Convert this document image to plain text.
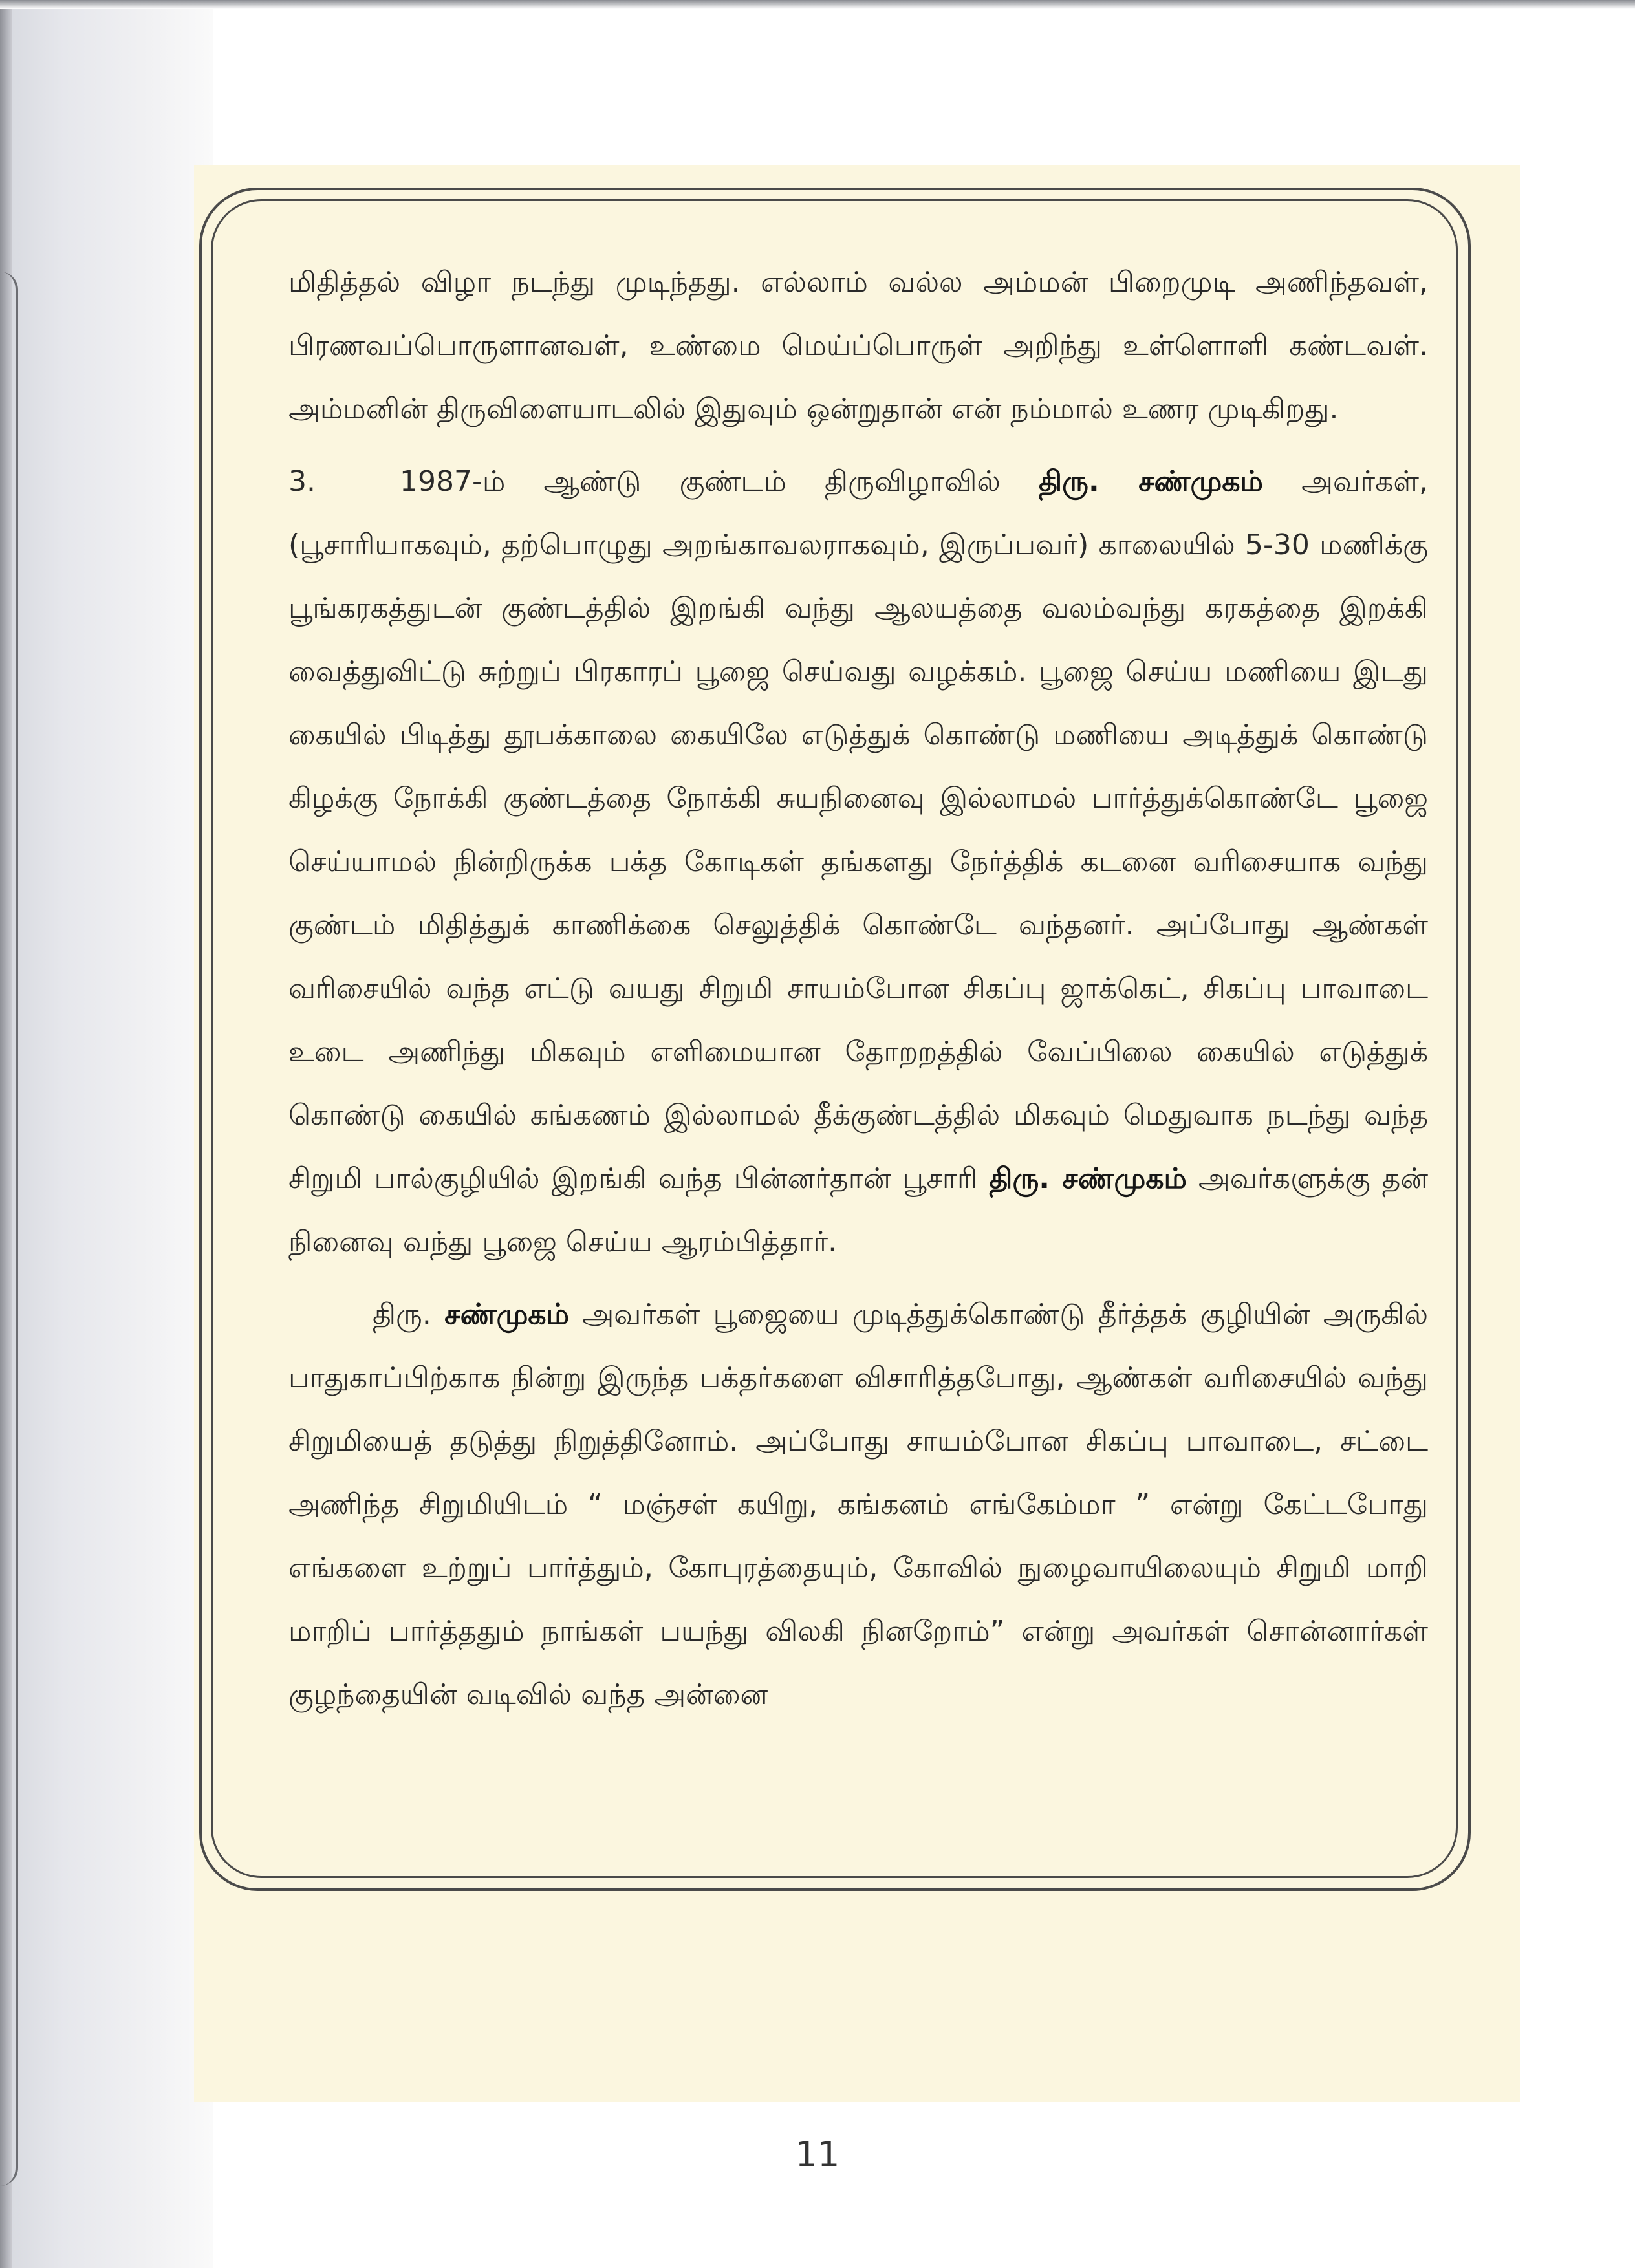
மிதித்தல் விழா நடந்து முடிந்தது. எல்லாம் வல்ல அம்மன் பிறைமுடி அணிந்தவள், பிரணவப்பொருளானவள், உண்மை மெய்ப்பொருள் அறிந்து உள்ளொளி கண்டவள். அம்மனின் திருவிளையாடலில் இதுவும் ஒன்றுதான் என் நம்மால் உணர முடிகிறது.

3.	1987-ம் ஆண்டு குண்டம் திருவிழாவில் திரு. சண்முகம் அவர்கள், (பூசாரியாகவும், தற்பொழுது அறங்காவலராகவும், இருப்பவர்) காலையில் 5-30 மணிக்கு பூங்கரகத்துடன் குண்டத்தில் இறங்கி வந்து ஆலயத்தை வலம்வந்து கரகத்தை இறக்கி வைத்துவிட்டு சுற்றுப் பிரகாரப் பூஜை செய்வது வழக்கம். பூஜை செய்ய மணியை இடது கையில் பிடித்து தூபக்காலை கையிலே எடுத்துக் கொண்டு மணியை அடித்துக் கொண்டு கிழக்கு நோக்கி குண்டத்தை நோக்கி சுயநினைவு இல்லாமல் பார்த்துக்கொண்டே பூஜை செய்யாமல் நின்றிருக்க பக்த கோடிகள் தங்களது நேர்த்திக் கடனை வரிசையாக வந்து குண்டம் மிதித்துக் காணிக்கை செலுத்திக் கொண்டே வந்தனர். அப்போது ஆண்கள் வரிசையில் வந்த எட்டு வயது சிறுமி சாயம்போன சிகப்பு ஜாக்கெட், சிகப்பு பாவாடை உடை அணிந்து மிகவும் எளிமையான தோறறத்தில் வேப்பிலை கையில் எடுத்துக் கொண்டு கையில் கங்கணம் இல்லாமல் தீக்குண்டத்தில் மிகவும் மெதுவாக நடந்து வந்த சிறுமி பால்குழியில் இறங்கி வந்த பின்னர்தான் பூசாரி திரு. சண்முகம் அவர்களுக்கு தன் நினைவு வந்து பூஜை செய்ய ஆரம்பித்தார்.

திரு. சண்முகம் அவர்கள் பூஜையை முடித்துக்கொண்டு தீர்த்தக் குழியின் அருகில் பாதுகாப்பிற்காக நின்று இருந்த பக்தர்களை விசாரித்தபோது, ஆண்கள் வரிசையில் வந்து சிறுமியைத் தடுத்து நிறுத்தினோம். அப்போது சாயம்போன சிகப்பு பாவாடை, சட்டை அணிந்த சிறுமியிடம் “ மஞ்சள் கயிறு, கங்கனம் எங்கேம்மா ” என்று கேட்டபோது எங்களை உற்றுப் பார்த்தும், கோபுரத்தையும், கோவில் நுழைவாயிலையும் சிறுமி மாறி மாறிப் பார்த்ததும் நாங்கள் பயந்து விலகி நினறோம்” என்று அவர்கள் சொன்னார்கள் குழந்தையின் வடிவில் வந்த அன்னை

11
